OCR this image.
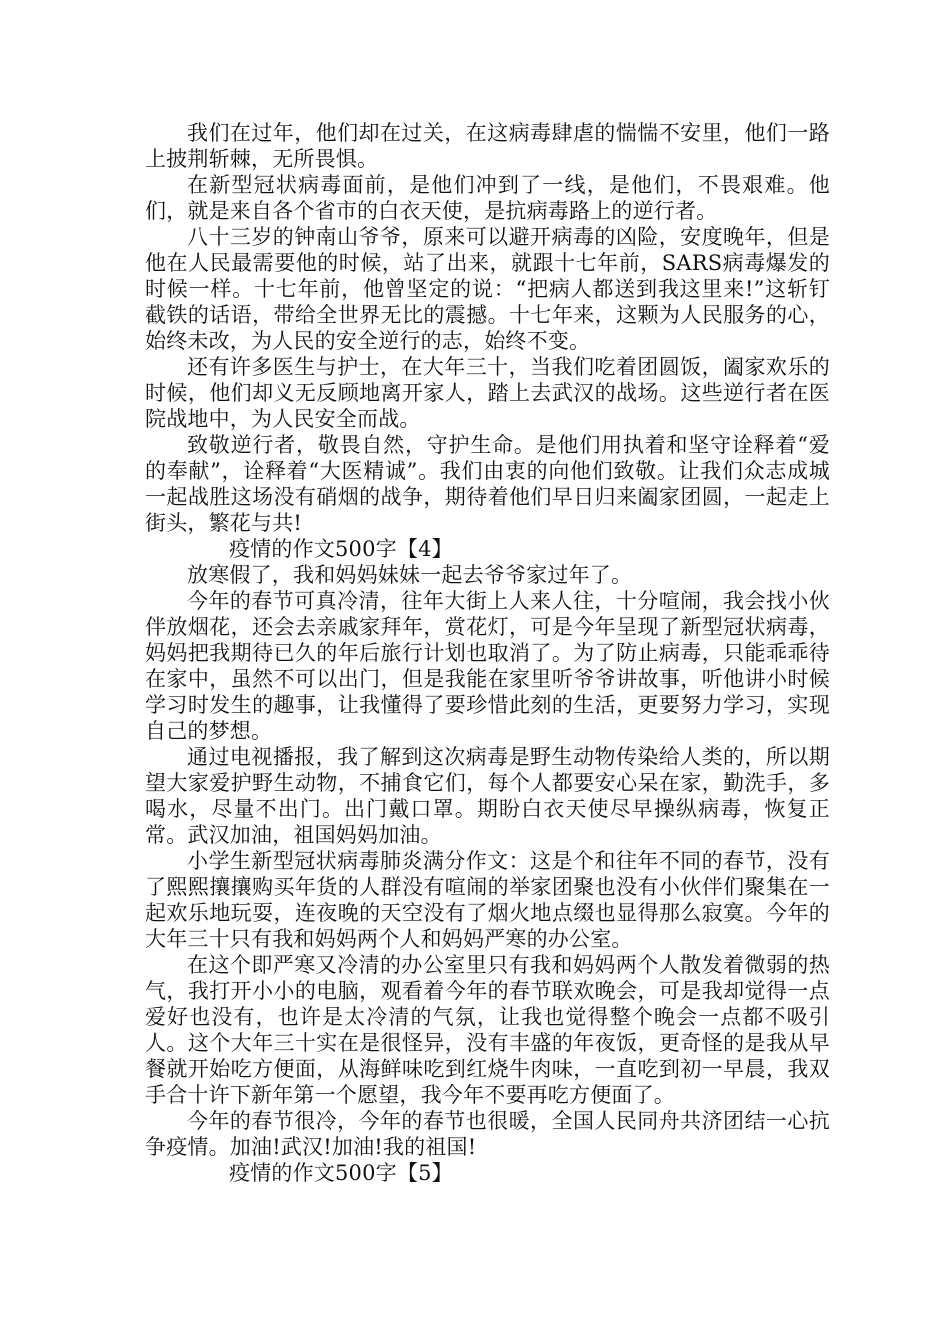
我们在过年，他们却在过关，在这病毒肆虐的惴惴不安里，他们一路上披荆斩棘，无所畏惧。

在新型冠状病毒面前，是他们冲到了一线，是他们，不畏艰难。他们，就是来自各个省市的白衣天使，是抗病毒路上的逆行者。

八十三岁的钟南山爷爷，原来可以避开病毒的凶险，安度晚年，但是他在人民最需要他的时候，站了出来，就跟十七年前，SARS病毒爆发的时候一样。十七年前，他曾坚定的说：“把病人都送到我这里来!”这斩钉截铁的话语，带给全世界无比的震撼。十七年来，这颗为人民服务的心，始终未改，为人民的安全逆行的志，始终不变。

还有许多医生与护士，在大年三十，当我们吃着团圆饭，阖家欢乐的时候，他们却义无反顾地离开家人，踏上去武汉的战场。这些逆行者在医院战地中，为人民安全而战。

致敬逆行者，敬畏自然，守护生命。是他们用执着和坚守诠释着“爱的奉献”，诠释着“大医精诚”。我们由衷的向他们致敬。让我们众志成城一起战胜这场没有硝烟的战争，期待着他们早日归来阖家团圆，一起走上街头，繁花与共!

疫情的作文500字【4】

放寒假了，我和妈妈妹妹一起去爷爷家过年了。

今年的春节可真冷清，往年大街上人来人往，十分喧闹，我会找小伙伴放烟花，还会去亲戚家拜年，赏花灯，可是今年呈现了新型冠状病毒，妈妈把我期待已久的年后旅行计划也取消了。为了防止病毒，只能乖乖待在家中，虽然不可以出门，但是我能在家里听爷爷讲故事，听他讲小时候学习时发生的趣事，让我懂得了要珍惜此刻的生活，更要努力学习，实现自己的梦想。

通过电视播报，我了解到这次病毒是野生动物传染给人类的，所以期望大家爱护野生动物，不捕食它们，每个人都要安心呆在家，勤洗手，多喝水，尽量不出门。出门戴口罩。期盼白衣天使尽早操纵病毒，恢复正常。武汉加油，祖国妈妈加油。

小学生新型冠状病毒肺炎满分作文：这是个和往年不同的春节，没有了熙熙攘攘购买年货的人群没有喧闹的举家团聚也没有小伙伴们聚集在一起欢乐地玩耍，连夜晚的天空没有了烟火地点缀也显得那么寂寞。今年的大年三十只有我和妈妈两个人和妈妈严寒的办公室。

在这个即严寒又冷清的办公室里只有我和妈妈两个人散发着微弱的热气，我打开小小的电脑，观看着今年的春节联欢晚会，可是我却觉得一点爱好也没有，也许是太冷清的气氛，让我也觉得整个晚会一点都不吸引人。这个大年三十实在是很怪异，没有丰盛的年夜饭，更奇怪的是我从早餐就开始吃方便面，从海鲜味吃到红烧牛肉味，一直吃到初一早晨，我双手合十许下新年第一个愿望，我今年不要再吃方便面了。

今年的春节很冷，今年的春节也很暖，全国人民同舟共济团结一心抗争疫情。加油!武汉!加油!我的祖国!

疫情的作文500字【5】
